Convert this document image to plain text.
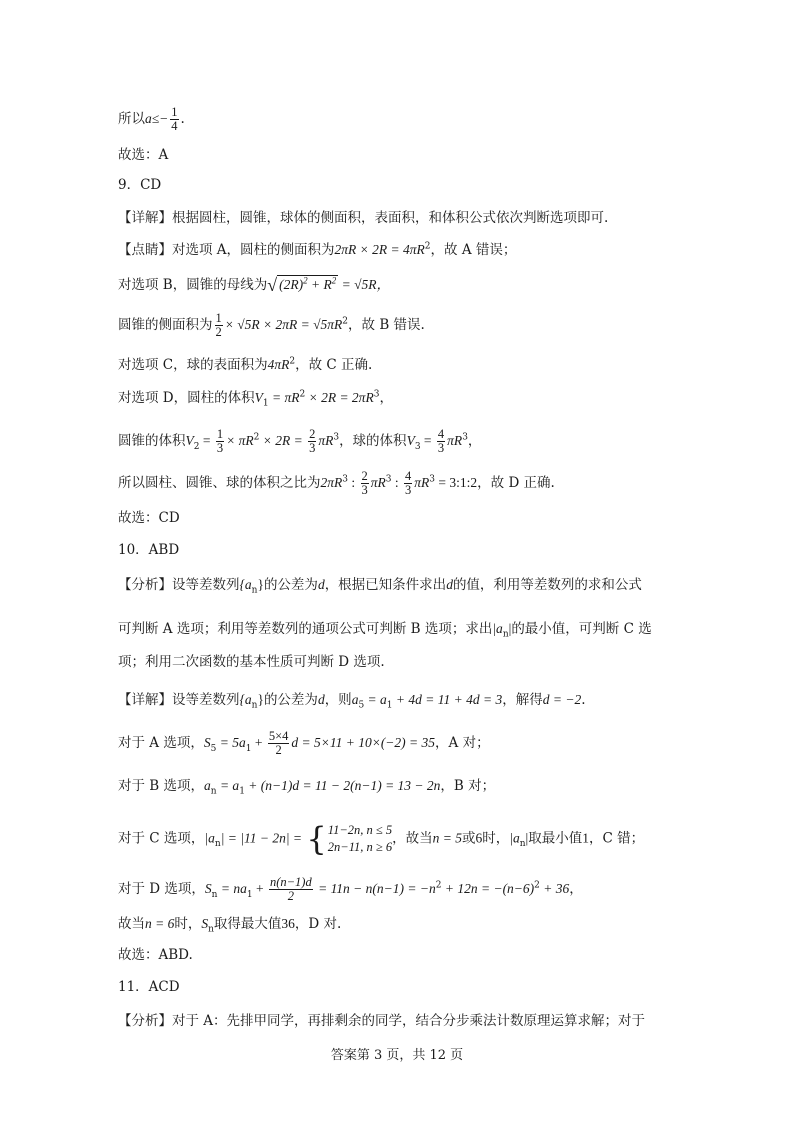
所以$a\le- \frac{1}{4}$ .
故选：A
9．CD
【详解】根据圆柱，圆锥，球体的侧面积，表面积，和体积公式依次判断选项即可.
【点睛】对选项 A，圆柱的侧面积为$2\pi R \times 2R = 4\pi R^2$，故 A 错误；
对选项 B，圆锥的母线为√ $(2R)^2 + R^2 = √5R$，
圆锥的侧面积为 $\frac{1}{2} \times √5R \times 2\pi R = √5\pi R^2$，故 B 错误.
对选项 C，球的表面积为$4\pi R^2$，故 C 正确.
对选项 D，圆柱的体积$V_1 = \pi R^2 \times 2R = 2\pi R^3$，
圆锥的体积$V_2 = \frac{1}{3} \times \pi R^2 \times 2R = \frac{2}{3} \pi R^3$，球的体积$V_3 = \frac{4}{3} \pi R^3$，
所以圆柱、圆锥、球的体积之比为$2\pi R^3$ : $\frac{2}{3} \pi R^3$ : $\frac{4}{3} \pi R^3$ = 3:1:2，故 D 正确.
故选：CD
10．ABD
【分析】设等差数列$\{a_n\}$的公差为d，根据已知条件求出d的值，利用等差数列的求和公式
可判断 A 选项；利用等差数列的通项公式可判断 B 选项；求出$|a_n|$的最小值，可判断 C 选
项；利用二次函数的基本性质可判断 D 选项.
【详解】设等差数列$\{a_n\}$的公差为d，则$a_5 = a_1 + 4d = 11 + 4d = 3$，解得d = −2.
对于 A 选项，$S_5 = 5a_1 + \frac{5\times 4}{2}$ d = 5×11 + 10×(−2) = 35，A 对；
对于 B 选项，$a_n = a_1 + (n-1)d = 11 - 2(n-1) = 13 - 2n$，B 对；
对于 C 选项，$|a_n| = |11 - 2n|$ = { 11−2n, n ≤ 5
2n−11, n ≥ 6
，故当n = 5或6时，$|a_n|$取最小值1，C 错；
对于 D 选项，$S_n = na_1 + \frac{n(n-1)d}{2} = 11n - n(n-1) = -n^2 + 12n = -(n-6)^2 + 36$，
故当n = 6时，$S_n$取得最大值36，D 对.
故选：ABD.
11．ACD
【分析】对于 A：先排甲同学，再排剩余的同学，结合分步乘法计数原理运算求解；对于
答案第 3 页，共 12 页
